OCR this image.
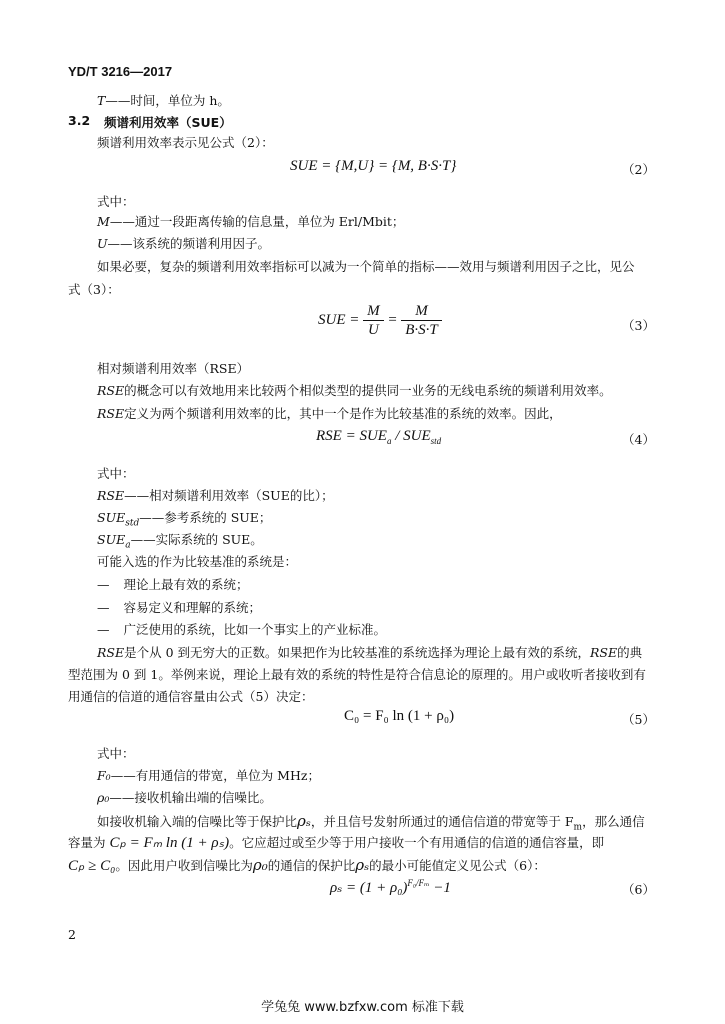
YD/T 3216—2017
T——时间，单位为 h。
3.2 频谱利用效率（SUE）
频谱利用效率表示见公式（2）：
SUE = {M,U} = {M, B·S·T}	（2）
式中：
M——通过一段距离传输的信息量，单位为 Erl/Mbit；
U——该系统的频谱利用因子。
如果必要，复杂的频谱利用效率指标可以减为一个简单的指标——效用与频谱利用因子之比，见公
式（3）：
SUE = $\frac{M}{U} = \frac{M}{B\cdot S\cdot T}$	（3）
相对频谱利用效率（RSE）
RSE的概念可以有效地用来比较两个相似类型的提供同一业务的无线电系统的频谱利用效率。
RSE定义为两个频谱利用效率的比，其中一个是作为比较基准的系统的效率。因此，
RSE = $SUE_a / SUE_{std}$	（4）
式中：
RSE——相对频谱利用效率（SUE的比）；
$SUE_{std}——$参考系统的 SUE；
$SUE_a——$实际系统的 SUE。
可能入选的作为比较基准的系统是：
— 理论上最有效的系统；
— 容易定义和理解的系统；
— 广泛使用的系统，比如一个事实上的产业标准。
RSE是个从 0 到无穷大的正数。如果把作为比较基准的系统选择为理论上最有效的系统，RSE的典
型范围为 0 到 1。举例来说，理论上最有效的系统的特性是符合信息论的原理的。用户或收听者接收到有
用通信的信道的通信容量由公式（5）决定：
C₀ = F₀ ln (1 + ρ₀)	（5）
式中：
F₀——有用通信的带宽，单位为 MHz；
ρ₀——接收机输出端的信噪比。
如接收机输入端的信噪比等于保护比ρₛ，并且信号发射所通过的通信信道的带宽等于 $F_m$，那么通信
容量为 Cₚ = Fₘ ln (1 + ρₛ)。它应超过或至少等于用户接收一个有用通信的信道的通信容量，即
Cₚ ≥ C₀。因此用户收到信噪比为ρ₀的通信的保护比ρₛ的最小可能值定义见公式（6）：
$\rho_s = (1 + \rho_0)^{F_0/F_m} -1$	（6）
2
学兔兔 www.bzfxw.com 标准下载
